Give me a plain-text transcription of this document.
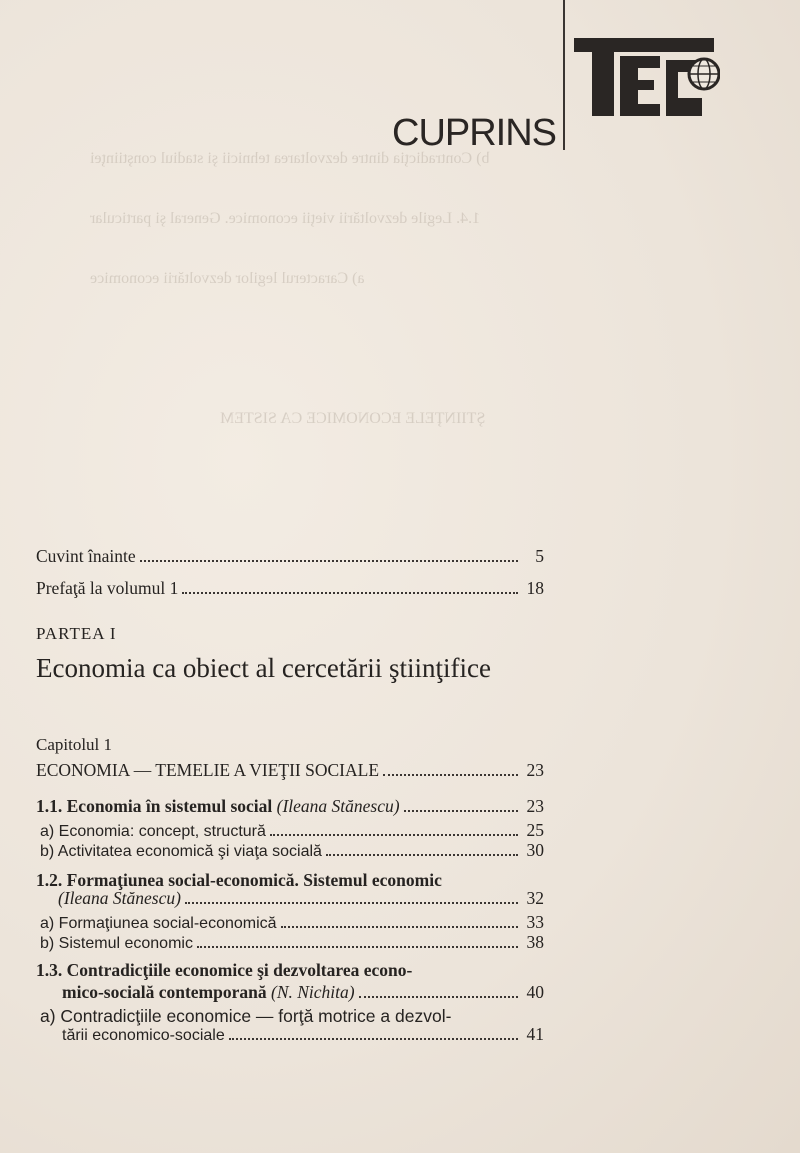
b) Contradicţia dintre dezvoltarea tehnicii şi stadiul conştiinţei
1.4. Legile dezvoltării vieţii economice. General şi particular
a) Caracterul legilor dezvoltării economice
ŞTIINŢELE ECONOMICE CA SISTEM
CUPRINS
Cuvint înainte	5
Prefaţă la volumul 1	18
PARTEA I
Economia ca obiect al cercetării ştiinţifice
Capitolul 1
ECONOMIA — TEMELIE A VIEŢII SOCIALE	23
1.1. Economia în sistemul social (Ileana Stănescu)	23
a) Economia: concept, structură	25
b) Activitatea economică şi viaţa socială	30
1.2. Formaţiunea social-economică. Sistemul economic
(Ileana Stănescu)	32
a) Formaţiunea social-economică	33
b) Sistemul economic	38
1.3. Contradicţiile economice şi dezvoltarea econo-
mico-socială contemporană (N. Nichita)	40
a) Contradicţiile economice — forţă motrice a dezvol-
tării economico-sociale	41
